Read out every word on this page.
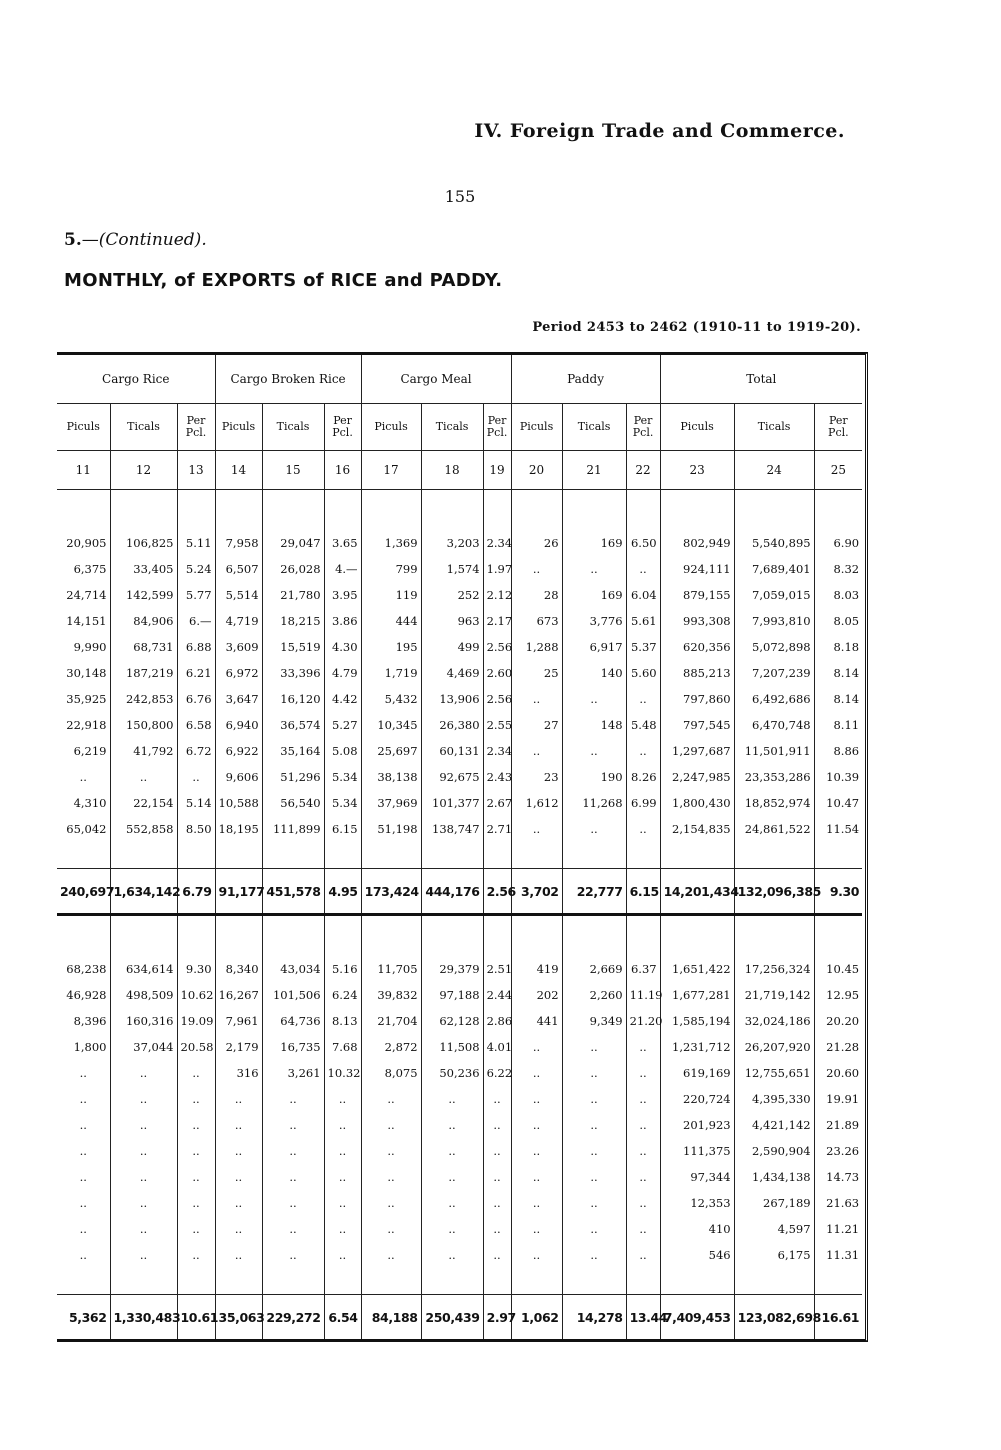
IV. Foreign Trade and Commerce.
155
5.—(Continued).
MONTHLY, of EXPORTS of RICE and PADDY.
Period 2453 to 2462 (1910-11 to 1919-20).
Cargo Rice			Cargo Broken Rice			Cargo Meal			Paddy			Total		
Piculs	Ticals	Per Pcl.	Piculs	Ticals	Per Pcl.	Piculs	Ticals	Per Pcl.	Piculs	Ticals	Per Pcl.	Piculs	Ticals	Per Pcl.
11	12	13	14	15	16	17	18	19	20	21	22	23	24	25

20,905	106,825	5.11	7,958	29,047	3.65	1,369	3,203	2.34	26	169	6.50	802,949	5,540,895	6.90
6,375	33,405	5.24	6,507	26,028	4.—	799	1,574	1.97	..	..	..	924,111	7,689,401	8.32
24,714	142,599	5.77	5,514	21,780	3.95	119	252	2.12	28	169	6.04	879,155	7,059,015	8.03
14,151	84,906	6.—	4,719	18,215	3.86	444	963	2.17	673	3,776	5.61	993,308	7,993,810	8.05
9,990	68,731	6.88	3,609	15,519	4.30	195	499	2.56	1,288	6,917	5.37	620,356	5,072,898	8.18
30,148	187,219	6.21	6,972	33,396	4.79	1,719	4,469	2.60	25	140	5.60	885,213	7,207,239	8.14
35,925	242,853	6.76	3,647	16,120	4.42	5,432	13,906	2.56	..	..	..	797,860	6,492,686	8.14
22,918	150,800	6.58	6,940	36,574	5.27	10,345	26,380	2.55	27	148	5.48	797,545	6,470,748	8.11
6,219	41,792	6.72	6,922	35,164	5.08	25,697	60,131	2.34	..	..	..	1,297,687	11,501,911	8.86
..	..	..	9,606	51,296	5.34	38,138	92,675	2.43	23	190	8.26	2,247,985	23,353,286	10.39
4,310	22,154	5.14	10,588	56,540	5.34	37,969	101,377	2.67	1,612	11,268	6.99	1,800,430	18,852,974	10.47
65,042	552,858	8.50	18,195	111,899	6.15	51,198	138,747	2.71	..	..	..	2,154,835	24,861,522	11.54

240,697	1,634,142	6.79	91,177	451,578	4.95	173,424	444,176	2.56	3,702	22,777	6.15	14,201,434	132,096,385	9.30

68,238	634,614	9.30	8,340	43,034	5.16	11,705	29,379	2.51	419	2,669	6.37	1,651,422	17,256,324	10.45
46,928	498,509	10.62	16,267	101,506	6.24	39,832	97,188	2.44	202	2,260	11.19	1,677,281	21,719,142	12.95
8,396	160,316	19.09	7,961	64,736	8.13	21,704	62,128	2.86	441	9,349	21.20	1,585,194	32,024,186	20.20
1,800	37,044	20.58	2,179	16,735	7.68	2,872	11,508	4.01	..	..	..	1,231,712	26,207,920	21.28
..	..	..	316	3,261	10.32	8,075	50,236	6.22	..	..	..	619,169	12,755,651	20.60
..	..	..	..	..	..	..	..	..	..	..	..	220,724	4,395,330	19.91
..	..	..	..	..	..	..	..	..	..	..	..	201,923	4,421,142	21.89
..	..	..	..	..	..	..	..	..	..	..	..	111,375	2,590,904	23.26
..	..	..	..	..	..	..	..	..	..	..	..	97,344	1,434,138	14.73
..	..	..	..	..	..	..	..	..	..	..	..	12,353	267,189	21.63
..	..	..	..	..	..	..	..	..	..	..	..	410	4,597	11.21
..	..	..	..	..	..	..	..	..	..	..	..	546	6,175	11.31

5,362	1,330,483	10.61	35,063	229,272	6.54	84,188	250,439	2.97	1,062	14,278	13.44	7,409,453	123,082,698	16.61
